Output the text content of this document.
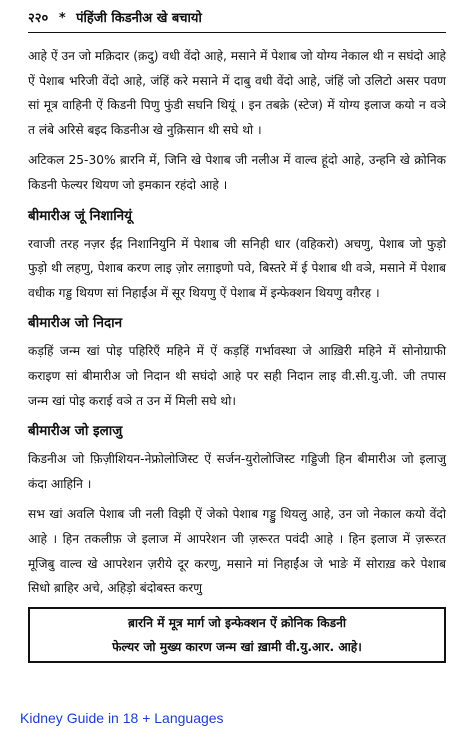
२२० * पंहिंजी किडनीअ खे बचायो

आहे ऐं उन जो मक़िदार (क़दु) वधी वेंदो आहे, मसाने में पेशाब जो योग्य नेकाल थी न सघंदो आहे ऐं पेशाब भरिजी वेंदो आहे, जंहिं करे मसाने में दाबु वधी वेंदो आहे, जंहिं जो उलिटो असर पवण सां मूत्र वाहिनी ऐं किडनी पिणु फुंडी सघनि थियूं । इन तबक़े (स्टेज) में योग्य इलाज कयो न वञे त लंबे अरिसे बइद किडनीअ खे नुक़िसान थी सघे थो ।

अटिकल 25-30% ब़ारनि में, जिनि खे पेशाब जी नलीअ में वाल्व हूंदो आहे, उन्हनि खे क्रोनिक किडनी फेल्यर थियण जो इमकान रहंदो आहे ।

बीमारीअ जूं निशानियूं

रवाजी तरह नज़र ईंद़ निशानियुनि में पेशाब जी सनिही धार (वहिकरो) अचणु, पेशाब जो फुड़ो फुड़ो थी लहणु, पेशाब करण लाइ ज़ोर लग़ाइणो पवे, बिस्तरे में ई पेशाब थी वञे, मसाने में पेशाब वधीक गड्ड थियण सां निहाईंअ में सूर थियणु ऐं पेशाब में इन्फेक्शन थियणु वग़ैरह ।

बीमारीअ जो निदान

कड़हिं जन्म खां पोइ पहिरिऍं महिने में ऐं कड़हिं गर्भावस्था जे आख़िरी महिने में सोनोग्राफी कराइण सां बीमारीअ जो निदान थी सघंदो आहे पर सही निदान लाइ वी.सी.यु.जी. जी तपास जन्म खां पोइ कराई वञे त उन में मिली सघे थो।

बीमारीअ जो इलाजु

किडनीअ जो फ़िज़ीशियन-नेफ्रोलोजिस्ट ऐं सर्जन-युरोलोजिस्ट गड्डिजी हिन बीमारीअ जो इलाजु कंदा आहिनि ।

सभ खां अवलि पेशाब जी नली विझी ऐं जेको पेशाब गड्डु थियलु आहे, उन जो नेकाल कयो वेंदो आहे । हिन तकलीफ़ जे इलाज में आपरेशन जी ज़रूरत पवंदी आहे । हिन इलाज में ज़रूरत मूजिबु वाल्व खे आपरेशन ज़रीये दूर करणु, मसाने मां निहाईंअ जे भाङे में सोराख़ करे पेशाब सिधो ब़ाहिर अचे, अहिड़ो बंदोबस्त करणु

ब़ारनि में मूत्र मार्ग जो इन्फेक्शन ऐं क्रोनिक किडनी
फेल्यर जो मुख्य कारण जन्म खां ख़ामी वी.यु.आर. आहे।
Kidney Guide in 18 + Languages
